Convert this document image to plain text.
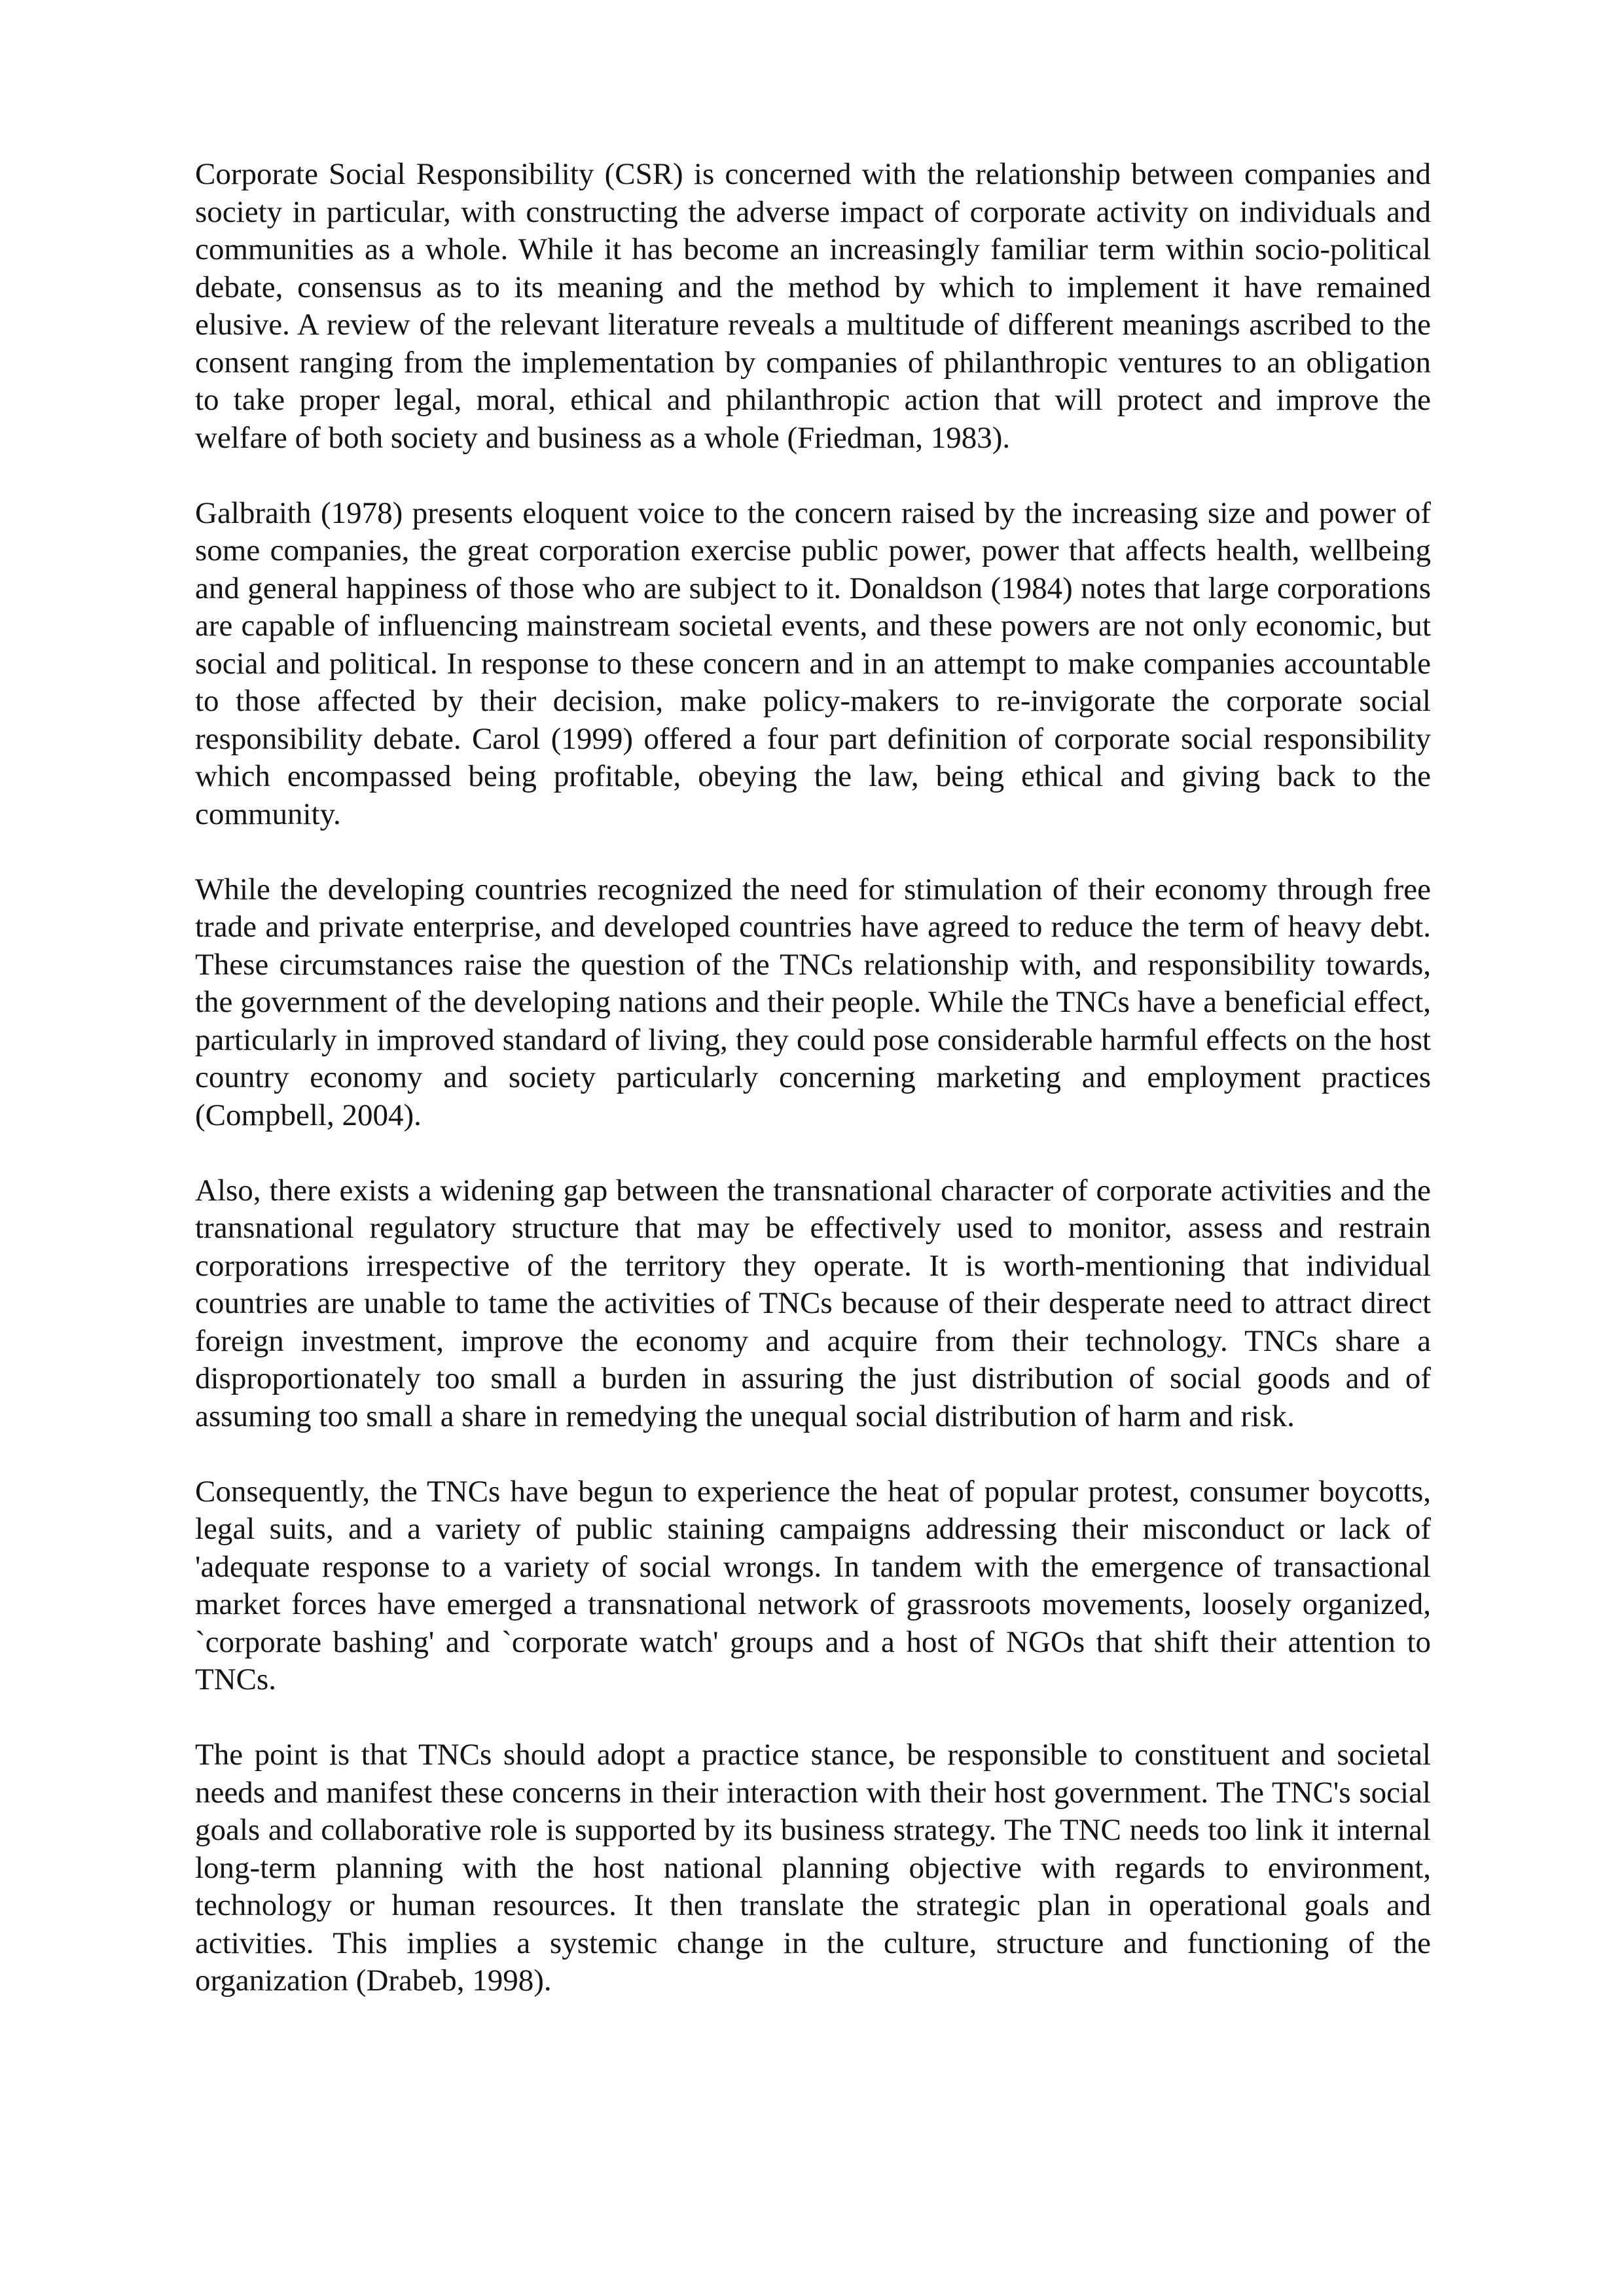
Corporate Social Responsibility (CSR) is concerned with the relationship between companies and society in particular, with constructing the adverse impact of corporate activity on individuals and communities as a whole. While it has become an increasingly familiar term within socio-political debate, consensus as to its meaning and the method by which to implement it have remained elusive. A review of the relevant literature reveals a multitude of different meanings ascribed to the consent ranging from the implementation by companies of philanthropic ventures to an obligation to take proper legal, moral, ethical and philanthropic action that will protect and improve the welfare of both society and business as a whole (Friedman, 1983).

Galbraith (1978) presents eloquent voice to the concern raised by the increasing size and power of some companies, the great corporation exercise public power, power that affects health, wellbeing and general happiness of those who are subject to it. Donaldson (1984) notes that large corporations are capable of influencing mainstream societal events, and these powers are not only economic, but social and political. In response to these concern and in an attempt to make companies accountable to those affected by their decision, make policy-makers to re-invigorate the corporate social responsibility debate. Carol (1999) offered a four part definition of corporate social responsibility which encompassed being profitable, obeying the law, being ethical and giving back to the community.

While the developing countries recognized the need for stimulation of their economy through free trade and private enterprise, and developed countries have agreed to reduce the term of heavy debt. These circumstances raise the question of the TNCs relationship with, and responsibility towards, the government of the developing nations and their people. While the TNCs have a beneficial effect, particularly in improved standard of living, they could pose considerable harmful effects on the host country economy and society particularly concerning marketing and employment practices (Compbell, 2004).

Also, there exists a widening gap between the transnational character of corporate activities and the transnational regulatory structure that may be effectively used to monitor, assess and restrain corporations irrespective of the territory they operate. It is worth-mentioning that individual countries are unable to tame the activities of TNCs because of their desperate need to attract direct foreign investment, improve the economy and acquire from their technology. TNCs share a disproportionately too small a burden in assuring the just distribution of social goods and of assuming too small a share in remedying the unequal social distribution of harm and risk.

Consequently, the TNCs have begun to experience the heat of popular protest, consumer boycotts, legal suits, and a variety of public staining campaigns addressing their misconduct or lack of 'adequate response to a variety of social wrongs. In tandem with the emergence of transactional market forces have emerged a transnational network of grassroots movements, loosely organized, `corporate bashing' and `corporate watch' groups and a host of NGOs that shift their attention to TNCs.

The point is that TNCs should adopt a practice stance, be responsible to constituent and societal needs and manifest these concerns in their interaction with their host government. The TNC's social goals and collaborative role is supported by its business strategy. The TNC needs too link it internal long-term planning with the host national planning objective with regards to environment, technology or human resources. It then translate the strategic plan in operational goals and activities. This implies a systemic change in the culture, structure and functioning of the organization (Drabeb, 1998).
